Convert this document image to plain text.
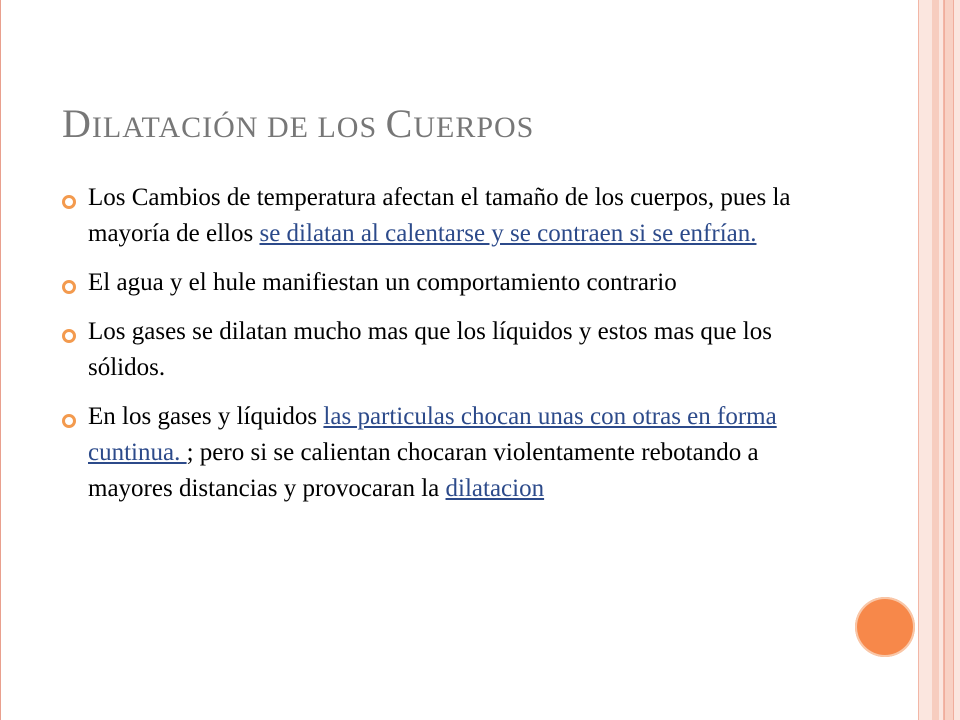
DILATACIÓN DE LOS CUERPOS
Los Cambios de temperatura afectan el tamaño de los cuerpos, pues la mayoría de ellos se dilatan al calentarse y se contraen si se enfrían.
El agua y el hule manifiestan un comportamiento contrario
Los gases se dilatan mucho mas que los líquidos y estos mas que los sólidos.
En los gases y líquidos las particulas chocan unas con otras en forma cuntinua. ; pero si se calientan chocaran violentamente rebotando a mayores distancias y provocaran la dilatacion
